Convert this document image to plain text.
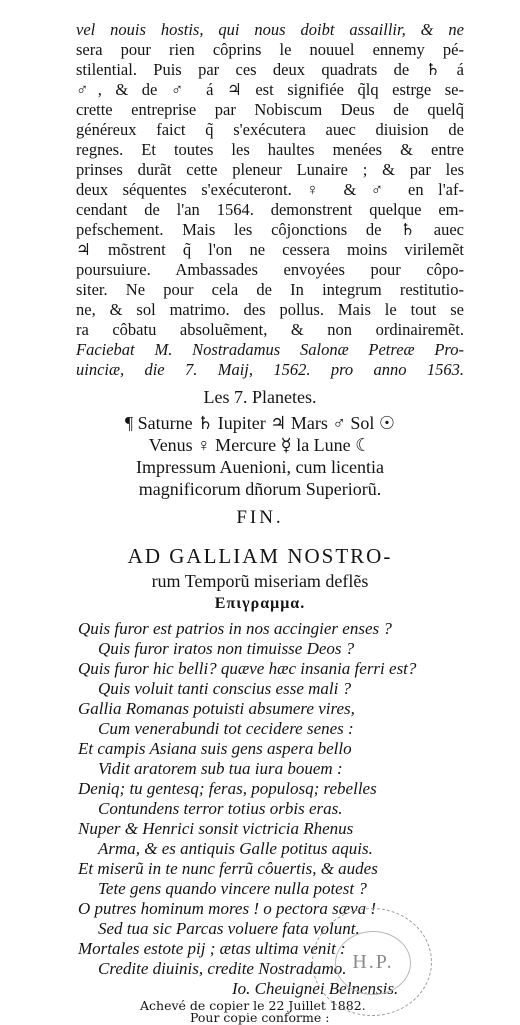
vel nouis hostis, qui nous doibt assaillir, & ne
sera pour rien côprins le nouuel ennemy pé-
stilential. Puis par ces deux quadrats de ♄ á
♂, & de ♂ á ♃ est signifiée q̃lq estrge se-
crette entreprise par Nobiscum Deus de quelq̃
généreux faict q̃ s'exécutera auec diuision de
regnes. Et toutes les haultes menées & entre
prinses durãt cette pleneur Lunaire ; & par les
deux séquentes s'exécuteront. ♀ & ♂ en l'af-
cendant de l'an 1564. demonstrent quelque em-
pefschement. Mais les côjonctions de ♄ auec
♃ mõstrent q̃ l'on ne cessera moins virilemẽt
poursuiure. Ambassades envoyées pour côpo-
siter. Ne pour cela de In integrum restitutio-
ne, & sol matrimo. des pollus. Mais le tout se
ra côbatu absoluẽment, & non ordinairemẽt.
Faciebat M. Nostradamus Salonæ Petreæ Pro-
uinciæ, die 7. Maij, 1562. pro anno 1563.
Les 7. Planetes.
¶ Saturne ♄ Iupiter ♃ Mars ♂ Sol ☉
Venus ♀ Mercure ☿ la Lune ☾
Impressum Auenioni, cum licentia
magnificorum dñorum Superiorũ.
FIN.
AD GALLIAM NOSTRO-
rum Temporũ miseriam deflẽs
Επιγραμμα.
Quis furor est patrios in nos accingier enses ?
Quis furor iratos non timuisse Deos ?
Quis furor hic belli? quæve hæc insania ferri est?
Quis voluit tanti conscius esse mali ?
Gallia Romanas potuisti absumere vires,
Cum venerabundi tot cecidere senes :
Et campis Asiana suis gens aspera bello
Vidit aratorem sub tua iura bouem :
Deniq; tu gentesq; feras, populosq; rebelles
Contundens terror totius orbis eras.
Nuper & Henrici sonsit victricia Rhenus
Arma, & es antiquis Galle potitus aquis.
Et miserũ in te nunc ferrũ côuertis, & audes
Tete gens quando vincere nulla potest ?
O putres hominum mores ! o pectora sæva !
Sed tua sic Parcas voluere fata volunt.
Mortales estote pij ; ætas ultima venit :
Credite diuinis, credite Nostradamo.
Io. Cheuignei Belnensis.
H.P.
Achevé de copier le 22 Juillet 1882.
Pour copie conforme :
